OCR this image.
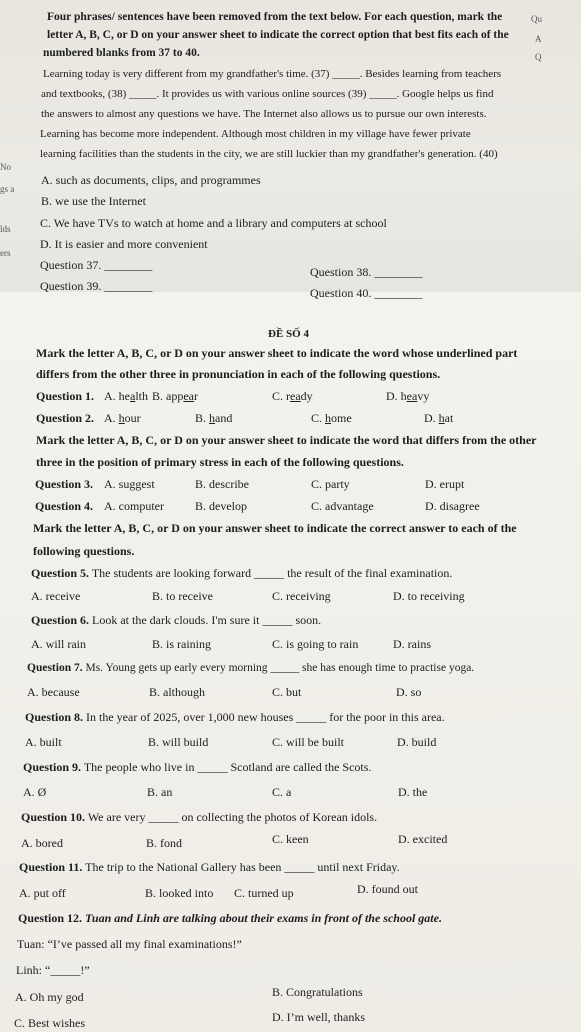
Four phrases/ sentences have been removed from the text below. For each question, mark the
letter A, B, C, or D on your answer sheet to indicate the correct option that best fits each of the
numbered blanks from 37 to 40.
Learning today is very different from my grandfather's time. (37) _____. Besides learning from teachers
and textbooks, (38) _____. It provides us with various online sources (39) _____. Google helps us find
the answers to almost any questions we have. The Internet also allows us to pursue our own interests.
Learning has become more independent. Although most children in my village have fewer private
learning facilities than the students in the city, we are still luckier than my grandfather's generation. (40)
A. such as documents, clips, and programmes
B. we use the Internet
C. We have TVs to watch at home and a library and computers at school
D. It is easier and more convenient
Question 37. ________	Question 38. ________
Question 39. ________	Question 40. ________
Qu
A
Q
No
gs a
lds
ers
ĐỀ SỐ 4
Mark the letter A, B, C, or D on your answer sheet to indicate the word whose underlined part
differs from the other three in pronunciation in each of the following questions.
Question 1. A. health B. appear	C. ready	D. heavy
Question 2. A. hour	B. hand	C. home	D. hat
Mark the letter A, B, C, or D on your answer sheet to indicate the word that differs from the other
three in the position of primary stress in each of the following questions.
Question 3. A. suggest	B. describe	C. party	D. erupt
Question 4. A. computer	B. develop	C. advantage	D. disagree
Mark the letter A, B, C, or D on your answer sheet to indicate the correct answer to each of the
following questions.
Question 5. The students are looking forward _____ the result of the final examination.
A. receive	B. to receive	C. receiving	D. to receiving
Question 6. Look at the dark clouds. I'm sure it _____ soon.
A. will rain	B. is raining	C. is going to rain	D. rains
Question 7. Ms. Young gets up early every morning _____ she has enough time to practise yoga.
A. because	B. although	C. but	D. so
Question 8. In the year of 2025, over 1,000 new houses _____ for the poor in this area.
A. built	B. will build	C. will be built	D. build
Question 9. The people who live in _____ Scotland are called the Scots.
A. Ø	B. an	C. a	D. the
Question 10. We are very _____ on collecting the photos of Korean idols.
A. bored	B. fond	C. keen	D. excited
Question 11. The trip to the National Gallery has been _____ until next Friday.
A. put off	B. looked into C. turned up	D. found out
Question 12. Tuan and Linh are talking about their exams in front of the school gate.
Tuan: “I’ve passed all my final examinations!”
Linh: “_____!”
A. Oh my god	B. Congratulations
C. Best wishes	D. I’m well, thanks
